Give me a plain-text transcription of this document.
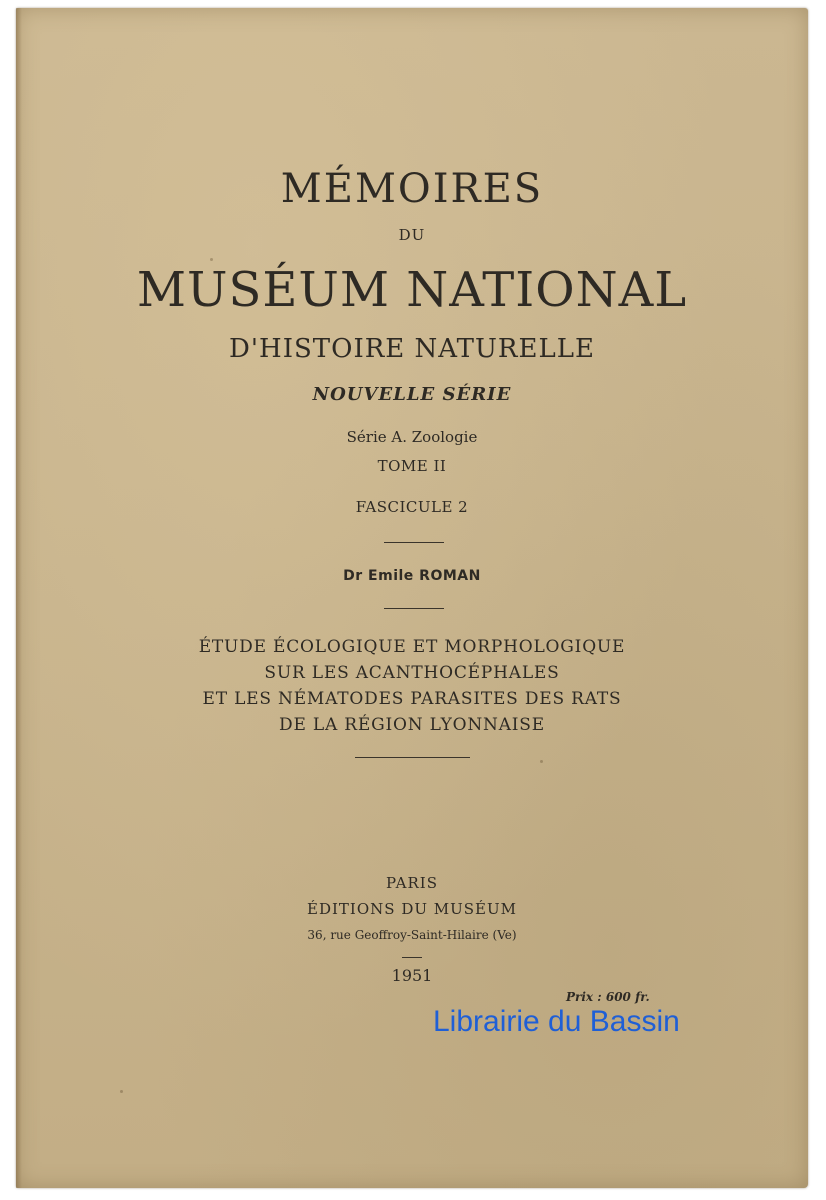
MÉMOIRES

DU

MUSÉUM NATIONAL

D'HISTOIRE NATURELLE

NOUVELLE SÉRIE

Série A. Zoologie

TOME II

FASCICULE 2

Dr Emile ROMAN

ÉTUDE ÉCOLOGIQUE ET MORPHOLOGIQUE
SUR LES ACANTHOCÉPHALES
ET LES NÉMATODES PARASITES DES RATS
DE LA RÉGION LYONNAISE

PARIS

ÉDITIONS DU MUSÉUM

36, rue Geoffroy-Saint-Hilaire (Ve)

1951

Prix : 600 fr.

Librairie du Bassin
